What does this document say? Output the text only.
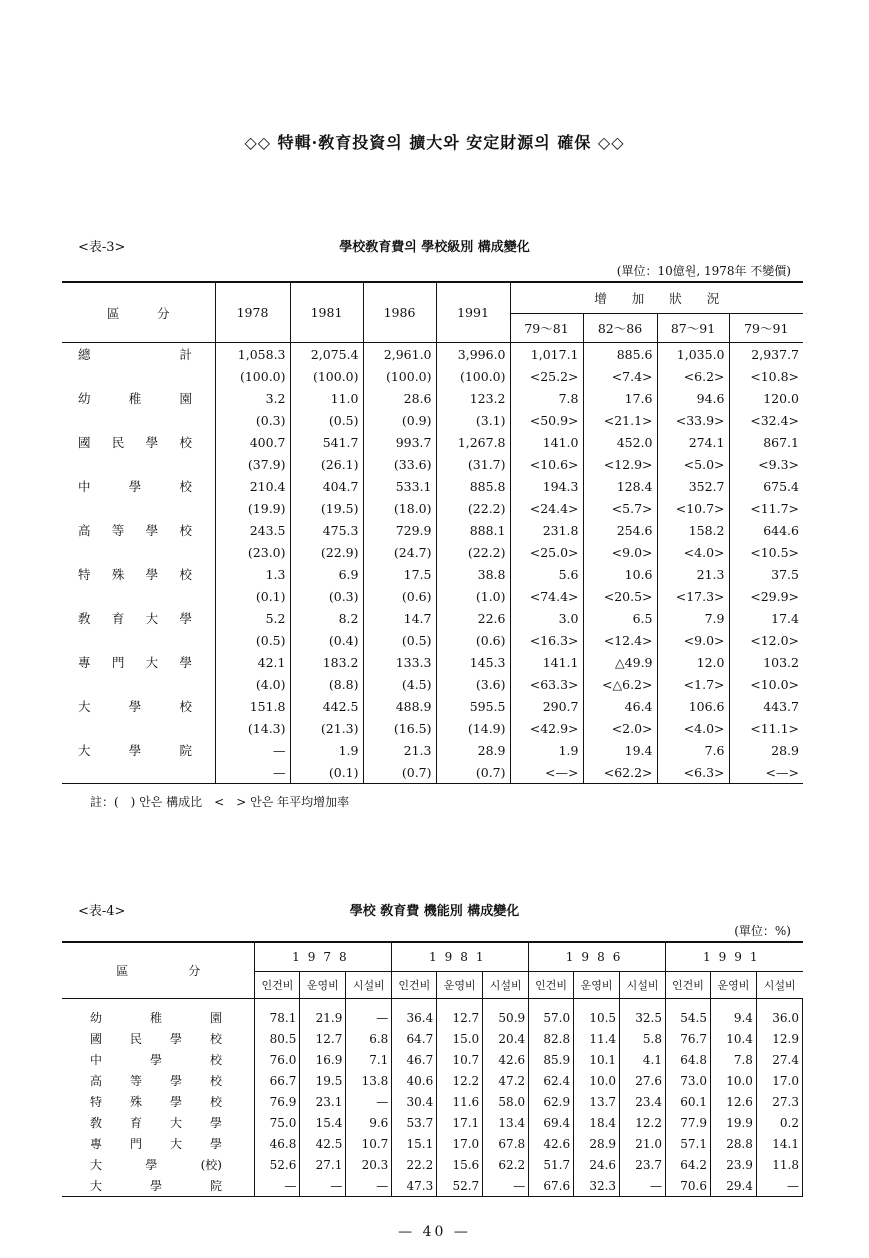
◇◇ 特輯·敎育投資의 擴大와 安定財源의 確保 ◇◇
<表-3>	學校敎育費의 學校級別 構成變化
(單位：10億원, 1978年 不變價)
區　　　分	1978	1981	1986	1991	增　　加　　狀　　況			
					79～81	82～86	87～91	79～91

總 計	1,058.3	2,075.4	2,961.0	3,996.0	1,017.1	885.6	1,035.0	2,937.7
	(100.0)	(100.0)	(100.0)	(100.0)	<25.2>	<7.4>	<6.2>	<10.8>

幼 稚 園	3.2	11.0	28.6	123.2	7.8	17.6	94.6	120.0
	(0.3)	(0.5)	(0.9)	(3.1)	<50.9>	<21.1>	<33.9>	<32.4>

國 民 學 校	400.7	541.7	993.7	1,267.8	141.0	452.0	274.1	867.1
	(37.9)	(26.1)	(33.6)	(31.7)	<10.6>	<12.9>	<5.0>	<9.3>

中 學 校	210.4	404.7	533.1	885.8	194.3	128.4	352.7	675.4
	(19.9)	(19.5)	(18.0)	(22.2)	<24.4>	<5.7>	<10.7>	<11.7>

高 等 學 校	243.5	475.3	729.9	888.1	231.8	254.6	158.2	644.6
	(23.0)	(22.9)	(24.7)	(22.2)	<25.0>	<9.0>	<4.0>	<10.5>

特 殊 學 校	1.3	6.9	17.5	38.8	5.6	10.6	21.3	37.5
	(0.1)	(0.3)	(0.6)	(1.0)	<74.4>	<20.5>	<17.3>	<29.9>

敎 育 大 學	5.2	8.2	14.7	22.6	3.0	6.5	7.9	17.4
	(0.5)	(0.4)	(0.5)	(0.6)	<16.3>	<12.4>	<9.0>	<12.0>

專 門 大 學	42.1	183.2	133.3	145.3	141.1	△49.9	12.0	103.2
	(4.0)	(8.8)	(4.5)	(3.6)	<63.3>	<△6.2>	<1.7>	<10.0>

大 學 校	151.8	442.5	488.9	595.5	290.7	46.4	106.6	443.7
	(14.3)	(21.3)	(16.5)	(14.9)	<42.9>	<2.0>	<4.0>	<11.1>

大 學 院	—	1.9	21.3	28.9	1.9	19.4	7.6	28.9
	—	(0.1)	(0.7)	(0.7)	<—>	<62.2>	<6.3>	<—>
註：(　) 안은 構成比　<　> 안은 年平均增加率
<表-4>	學校 敎育費 機能別 構成變化
(單位：%)
區　　　　　分	1978			1981			1986			1991		
	인건비	운영비	시설비	인건비	운영비	시설비	인건비	운영비	시설비	인건비	운영비	시설비

幼 稚 園	78.1	21.9	—	36.4	12.7	50.9	57.0	10.5	32.5	54.5	9.4	36.0

國 民 學 校	80.5	12.7	6.8	64.7	15.0	20.4	82.8	11.4	5.8	76.7	10.4	12.9

中 學 校	76.0	16.9	7.1	46.7	10.7	42.6	85.9	10.1	4.1	64.8	7.8	27.4

高 等 學 校	66.7	19.5	13.8	40.6	12.2	47.2	62.4	10.0	27.6	73.0	10.0	17.0

特 殊 學 校	76.9	23.1	—	30.4	11.6	58.0	62.9	13.7	23.4	60.1	12.6	27.3

敎 育 大 學	75.0	15.4	9.6	53.7	17.1	13.4	69.4	18.4	12.2	77.9	19.9	0.2

專 門 大 學	46.8	42.5	10.7	15.1	17.0	67.8	42.6	28.9	21.0	57.1	28.8	14.1

大 學 (校)	52.6	27.1	20.3	22.2	15.6	62.2	51.7	24.6	23.7	64.2	23.9	11.8

大 學 院	—	—	—	47.3	52.7	—	67.6	32.3	—	70.6	29.4	—
— 40 —
